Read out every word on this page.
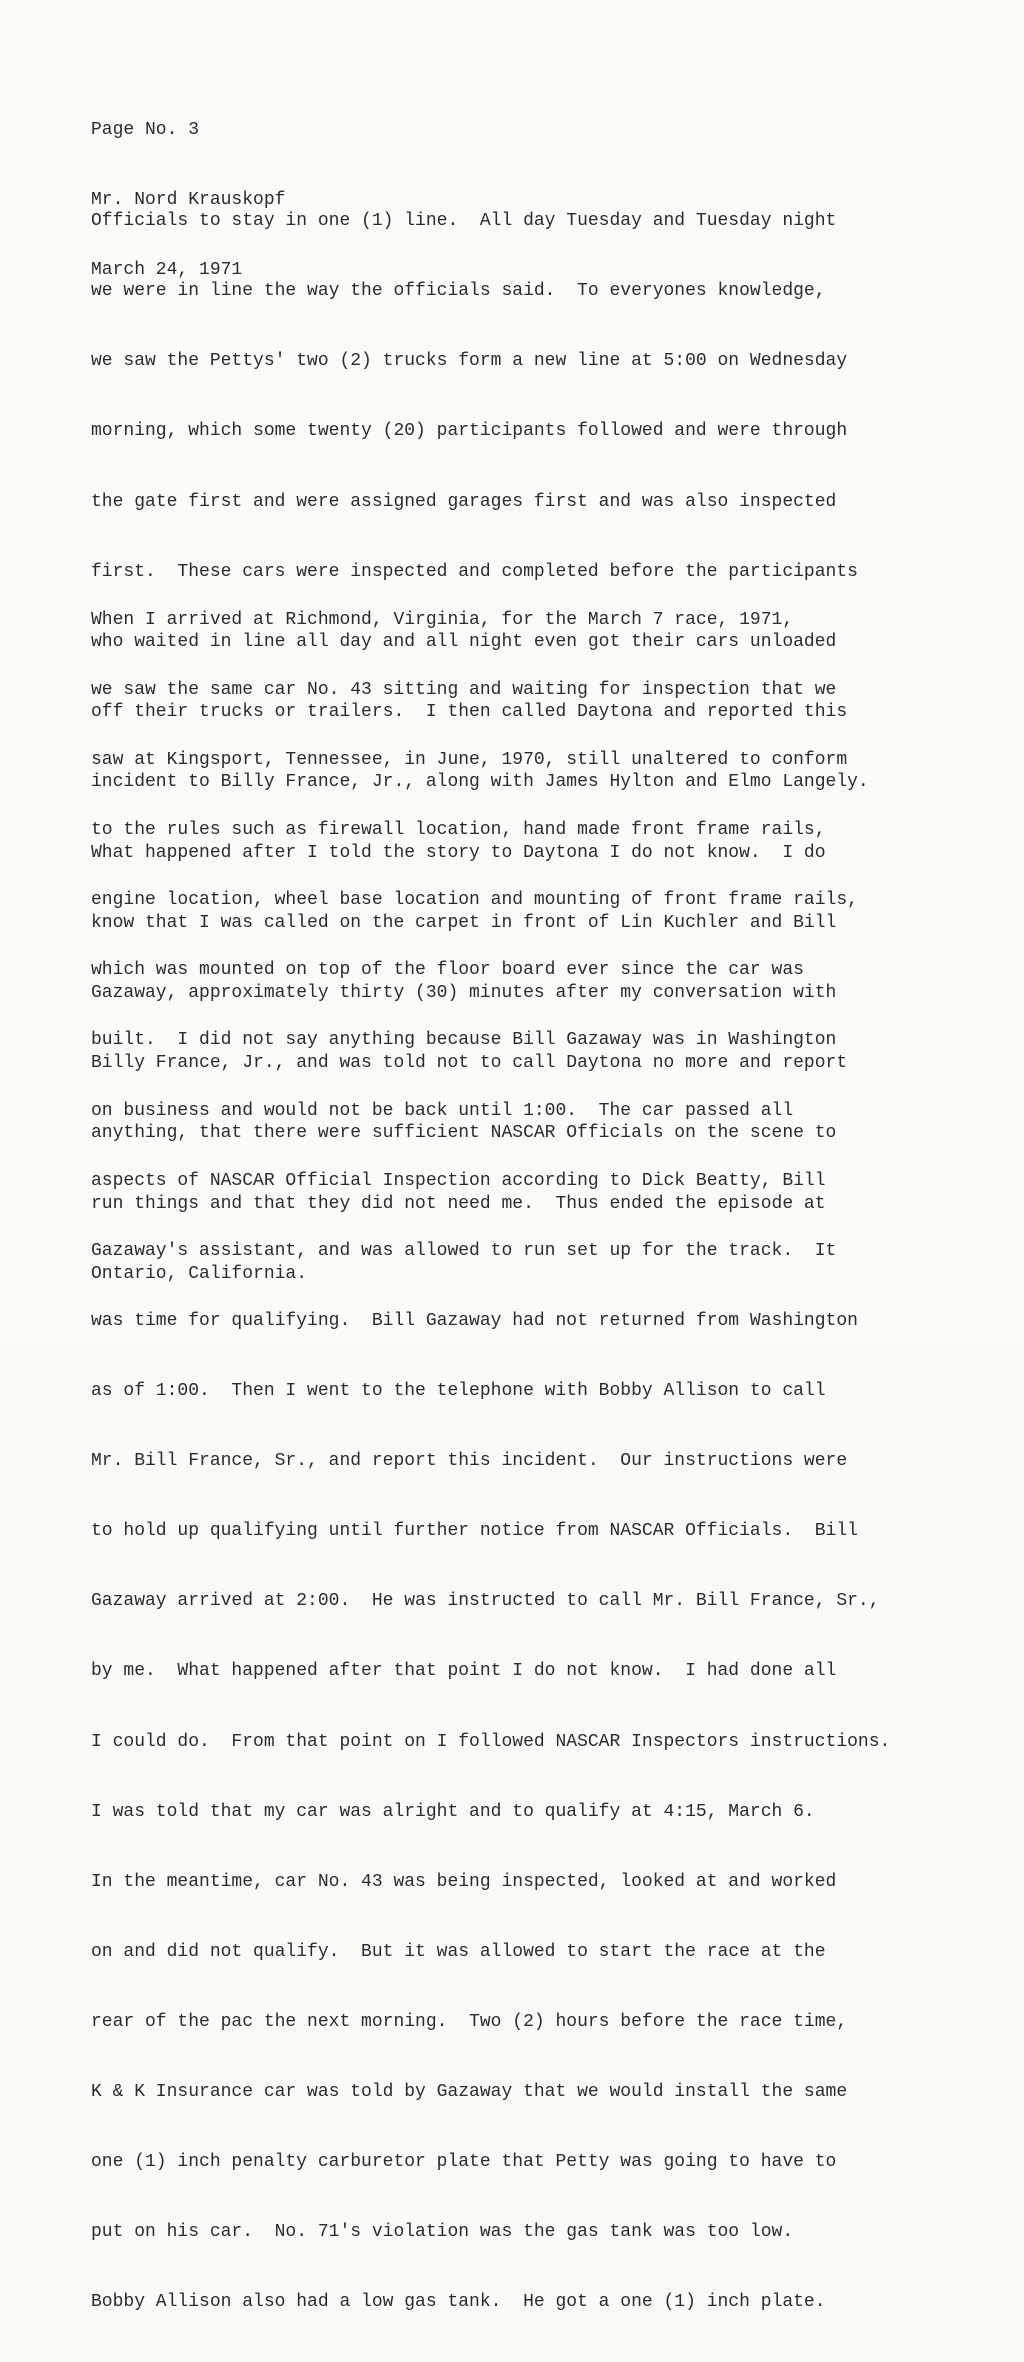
Page No. 3

Mr. Nord Krauskopf

March 24, 1971

Officials to stay in one (1) line.  All day Tuesday and Tuesday night

we were in line the way the officials said.  To everyones knowledge,

we saw the Pettys' two (2) trucks form a new line at 5:00 on Wednesday

morning, which some twenty (20) participants followed and were through

the gate first and were assigned garages first and was also inspected

first.  These cars were inspected and completed before the participants

who waited in line all day and all night even got their cars unloaded

off their trucks or trailers.  I then called Daytona and reported this

incident to Billy France, Jr., along with James Hylton and Elmo Langely.

What happened after I told the story to Daytona I do not know.  I do

know that I was called on the carpet in front of Lin Kuchler and Bill

Gazaway, approximately thirty (30) minutes after my conversation with

Billy France, Jr., and was told not to call Daytona no more and report

anything, that there were sufficient NASCAR Officials on the scene to

run things and that they did not need me.  Thus ended the episode at

Ontario, California.

When I arrived at Richmond, Virginia, for the March 7 race, 1971,

we saw the same car No. 43 sitting and waiting for inspection that we

saw at Kingsport, Tennessee, in June, 1970, still unaltered to conform

to the rules such as firewall location, hand made front frame rails,

engine location, wheel base location and mounting of front frame rails,

which was mounted on top of the floor board ever since the car was

built.  I did not say anything because Bill Gazaway was in Washington

on business and would not be back until 1:00.  The car passed all

aspects of NASCAR Official Inspection according to Dick Beatty, Bill

Gazaway's assistant, and was allowed to run set up for the track.  It

was time for qualifying.  Bill Gazaway had not returned from Washington

as of 1:00.  Then I went to the telephone with Bobby Allison to call

Mr. Bill France, Sr., and report this incident.  Our instructions were

to hold up qualifying until further notice from NASCAR Officials.  Bill

Gazaway arrived at 2:00.  He was instructed to call Mr. Bill France, Sr.,

by me.  What happened after that point I do not know.  I had done all

I could do.  From that point on I followed NASCAR Inspectors instructions.

I was told that my car was alright and to qualify at 4:15, March 6.

In the meantime, car No. 43 was being inspected, looked at and worked

on and did not qualify.  But it was allowed to start the race at the

rear of the pac the next morning.  Two (2) hours before the race time,

K & K Insurance car was told by Gazaway that we would install the same

one (1) inch penalty carburetor plate that Petty was going to have to

put on his car.  No. 71's violation was the gas tank was too low.

Bobby Allison also had a low gas tank.  He got a one (1) inch plate.
